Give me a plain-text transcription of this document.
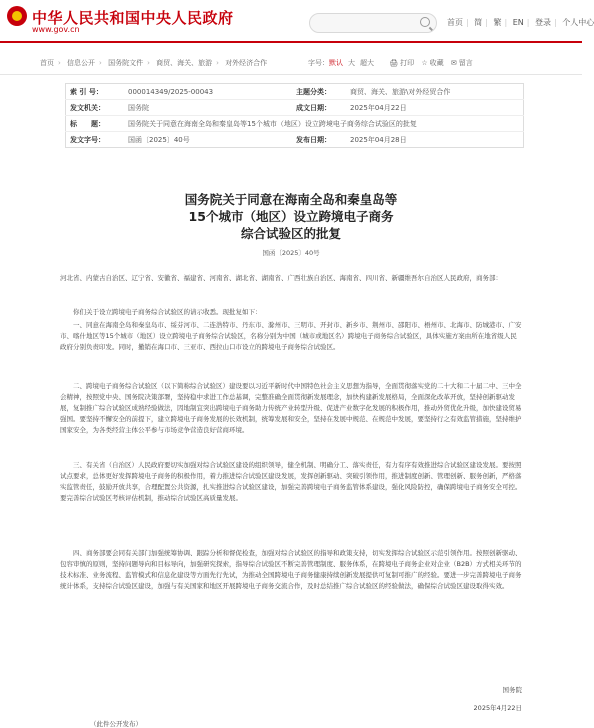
中华人民共和国中央人民政府
www.gov.cn
首页 | 简 | 繁 | EN | 登录 | 个人中心
首页 › 信息公开 › 国务院文件 › 商贸、海关、旅游 › 对外经济合作	字号：默认 大 超大 🖨 打印 ☆ 收藏 ✉ 留言
索 引 号：	000014349/2025-00043	主题分类：	商贸、海关、旅游\对外经贸合作
发文机关：	国务院	成文日期：	2025年04月22日
标　　题：	国务院关于同意在海南全岛和秦皇岛等15个城市（地区）设立跨境电子商务综合试验区的批复		
发文字号：	国函〔2025〕40号	发布日期：	2025年04月28日
国务院关于同意在海南全岛和秦皇岛等
15个城市（地区）设立跨境电子商务
综合试验区的批复
国函〔2025〕40号

河北省、内蒙古自治区、辽宁省、安徽省、福建省、河南省、湖北省、湖南省、广西壮族自治区、海南省、四川省、新疆维吾尔自治区人民政府，商务部：

你们关于设立跨境电子商务综合试验区的请示收悉。现批复如下：

一、同意在海南全岛和秦皇岛市、绥芬河市、二连浩特市、丹东市、滁州市、三明市、开封市、新乡市、荆州市、邵阳市、梧州市、北海市、防城港市、广安市、喀什地区等15个城市（地区）设立跨境电子商务综合试验区，名称分别为中国（城市或地区名）跨境电子商务综合试验区，具体实施方案由所在地省级人民政府分别负责印发。同时，撤销在海口市、三亚市、西拉山口市设立的跨境电子商务综合试验区。

二、跨境电子商务综合试验区（以下简称综合试验区）建设要以习近平新时代中国特色社会主义思想为指导，全面贯彻落实党的二十大和二十届二中、三中全会精神，按照党中央、国务院决策部署，坚持稳中求进工作总基调，完整准确全面贯彻新发展理念，加快构建新发展格局，全面深化改革开放，坚持创新驱动发展，复制推广综合试验区成熟经验做法，因地制宜突出跨境电子商务助力传统产业转型升级、促进产业数字化发展的积极作用，推动外贸优化升级，加快建设贸易强国。要坚持不懈安全的前提下，建立跨境电子商务发展的长效机制，统筹发展和安全，坚持在发展中规范、在规范中发展，要坚持行之有效监管措施，坚持维护国家安全，为各类经营主体公平参与市场竞争营造良好营商环境。

三、有关省（自治区）人民政府要切实加强对综合试验区建设的组织领导，健全机制、明确分工、落实责任，有力有序有效推进综合试验区建设发展。要按照试点要求，总体更好发挥跨境电子商务的积极作用，着力推进综合试验区建设发展，发挥创新驱动、突破引领作用，推进制度创新、管理创新、服务创新，严格落实监管责任，鼓励开放共享，合理配置公共资源，扎实推进综合试验区建设，加强完善跨境电子商务监管体系建设，强化风险防控，确保跨境电子商务安全可控。要完善综合试验区考核评估机制，推动综合试验区高质量发展。

四、商务部要会同有关部门加强统筹协调、跟踪分析和督促检查，加强对综合试验区的指导和政策支持，切实发挥综合试验区示范引领作用。按照创新驱动、包容审慎的原则，坚持问题导向和目标导向，加强研究探索，指导综合试验区不断完善管理制度、服务体系，在跨境电子商务企业对企业（B2B）方式相关环节的技术标准、业务流程、监管模式和信息化建设等方面先行先试，为推动全国跨境电子商务健康持续创新发展提供可复制可推广的经验。要进一步完善跨境电子商务统计体系，支持综合试验区建设，加强与有关国家和地区开展跨境电子商务交流合作，及时总结推广综合试验区的经验做法，确保综合试验区建设取得实效。

国务院
2025年4月22日
（此件公开发布）
